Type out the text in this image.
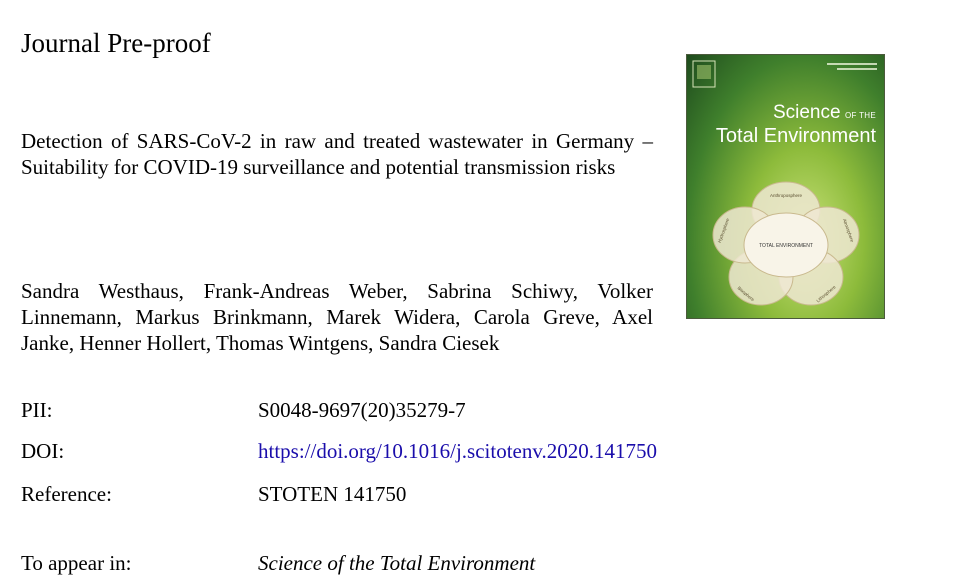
Journal Pre-proof
Detection of SARS-CoV-2 in raw and treated wastewater in Germany – Suitability for COVID-19 surveillance and potential transmission risks
Sandra Westhaus, Frank-Andreas Weber, Sabrina Schiwy, Volker Linnemann, Markus Brinkmann, Marek Widera, Carola Greve, Axel Janke, Henner Hollert, Thomas Wintgens, Sandra Ciesek
PII:	S0048-9697(20)35279-7
DOI:	https://doi.org/10.1016/j.scitotenv.2020.141750
Reference:	STOTEN 141750
To appear in:	Science of the Total Environment
TOTAL ENVIRONMENT
Anthroposphere
Atmosphere
Lithosphere
Biosphere
Hydrosphere
Science OF THE
Total Environment
